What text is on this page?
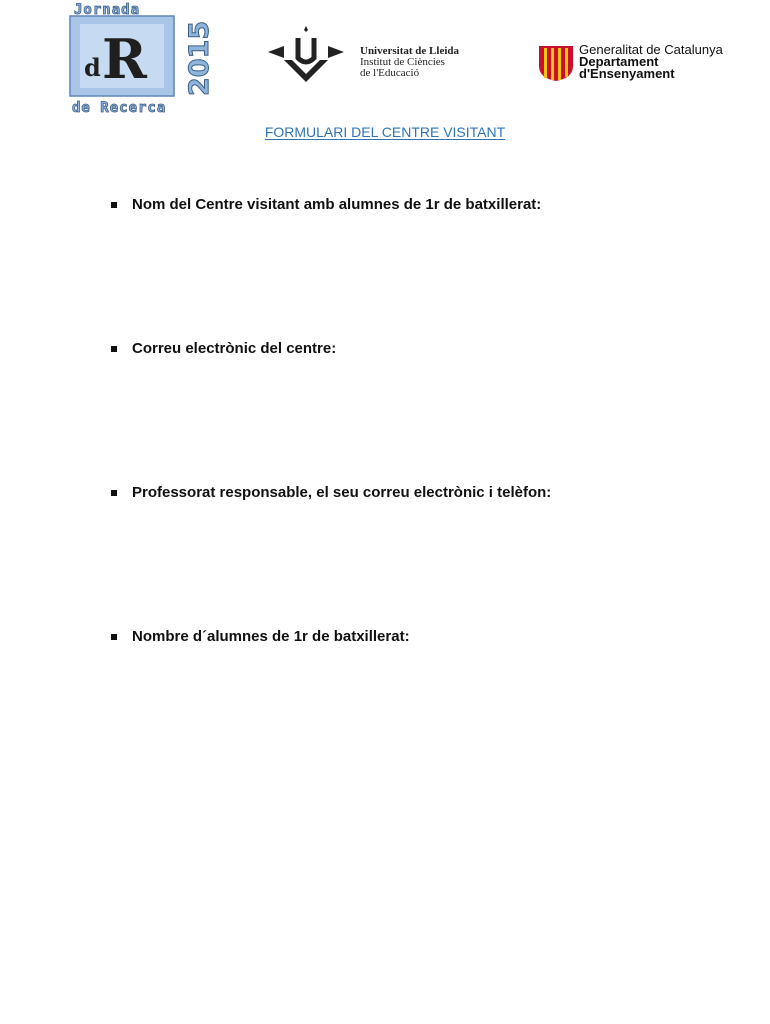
Jornada
de Recerca
d R 2015	Universitat de Lleida
Institut de Ciències
de l'Educació
Generalitat de Catalunya
Departament
d'Ensenyament
FORMULARI DEL CENTRE VISITANT
Nom del Centre visitant amb alumnes de 1r de batxillerat:
Correu electrònic del centre:
Professorat responsable, el seu correu electrònic i telèfon:
Nombre d´alumnes de 1r de batxillerat:
